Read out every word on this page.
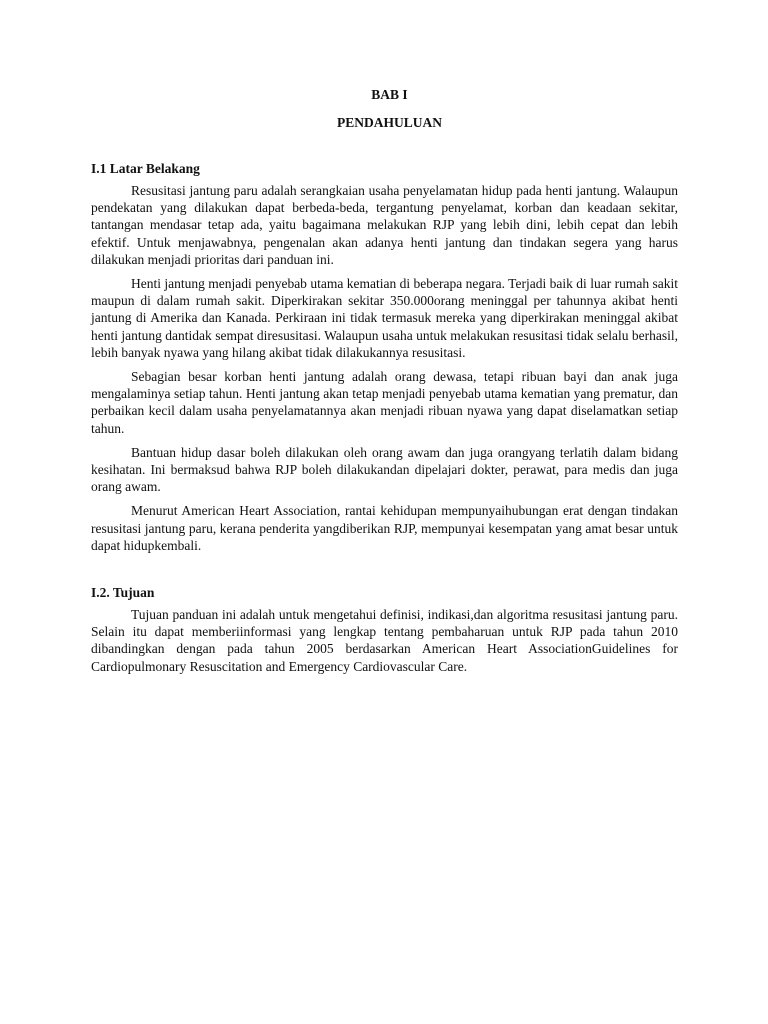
BAB I

PENDAHULUAN

I.1 Latar Belakang

Resusitasi jantung paru adalah serangkaian usaha penyelamatan hidup pada henti jantung. Walaupun pendekatan yang dilakukan dapat berbeda-beda, tergantung penyelamat, korban dan keadaan sekitar, tantangan mendasar tetap ada, yaitu bagaimana melakukan RJP yang lebih dini, lebih cepat dan lebih efektif. Untuk menjawabnya, pengenalan akan adanya henti jantung dan tindakan segera yang harus dilakukan menjadi prioritas dari panduan ini.

Henti jantung menjadi penyebab utama kematian di beberapa negara. Terjadi baik di luar rumah sakit maupun di dalam rumah sakit. Diperkirakan sekitar 350.000orang meninggal per tahunnya akibat henti jantung di Amerika dan Kanada. Perkiraan ini tidak termasuk mereka yang diperkirakan meninggal akibat henti jantung dantidak sempat diresusitasi. Walaupun usaha untuk melakukan resusitasi tidak selalu berhasil, lebih banyak nyawa yang hilang akibat tidak dilakukannya resusitasi.

Sebagian besar korban henti jantung adalah orang dewasa, tetapi ribuan bayi dan anak juga mengalaminya setiap tahun. Henti jantung akan tetap menjadi penyebab utama kematian yang prematur, dan perbaikan kecil dalam usaha penyelamatannya akan menjadi ribuan nyawa yang dapat diselamatkan setiap tahun.

Bantuan hidup dasar boleh dilakukan oleh orang awam dan juga orangyang terlatih dalam bidang kesihatan. Ini bermaksud bahwa RJP boleh dilakukandan dipelajari dokter, perawat, para medis dan juga orang awam.

Menurut American Heart Association, rantai kehidupan mempunyaihubungan erat dengan tindakan resusitasi jantung paru, kerana penderita yangdiberikan RJP, mempunyai kesempatan yang amat besar untuk dapat hidupkembali.

I.2. Tujuan

Tujuan panduan ini adalah untuk mengetahui definisi, indikasi,dan algoritma resusitasi jantung paru. Selain itu dapat memberiinformasi yang lengkap tentang pembaharuan untuk RJP pada tahun 2010 dibandingkan dengan pada tahun 2005 berdasarkan American Heart AssociationGuidelines for Cardiopulmonary Resuscitation and Emergency Cardiovascular Care.
